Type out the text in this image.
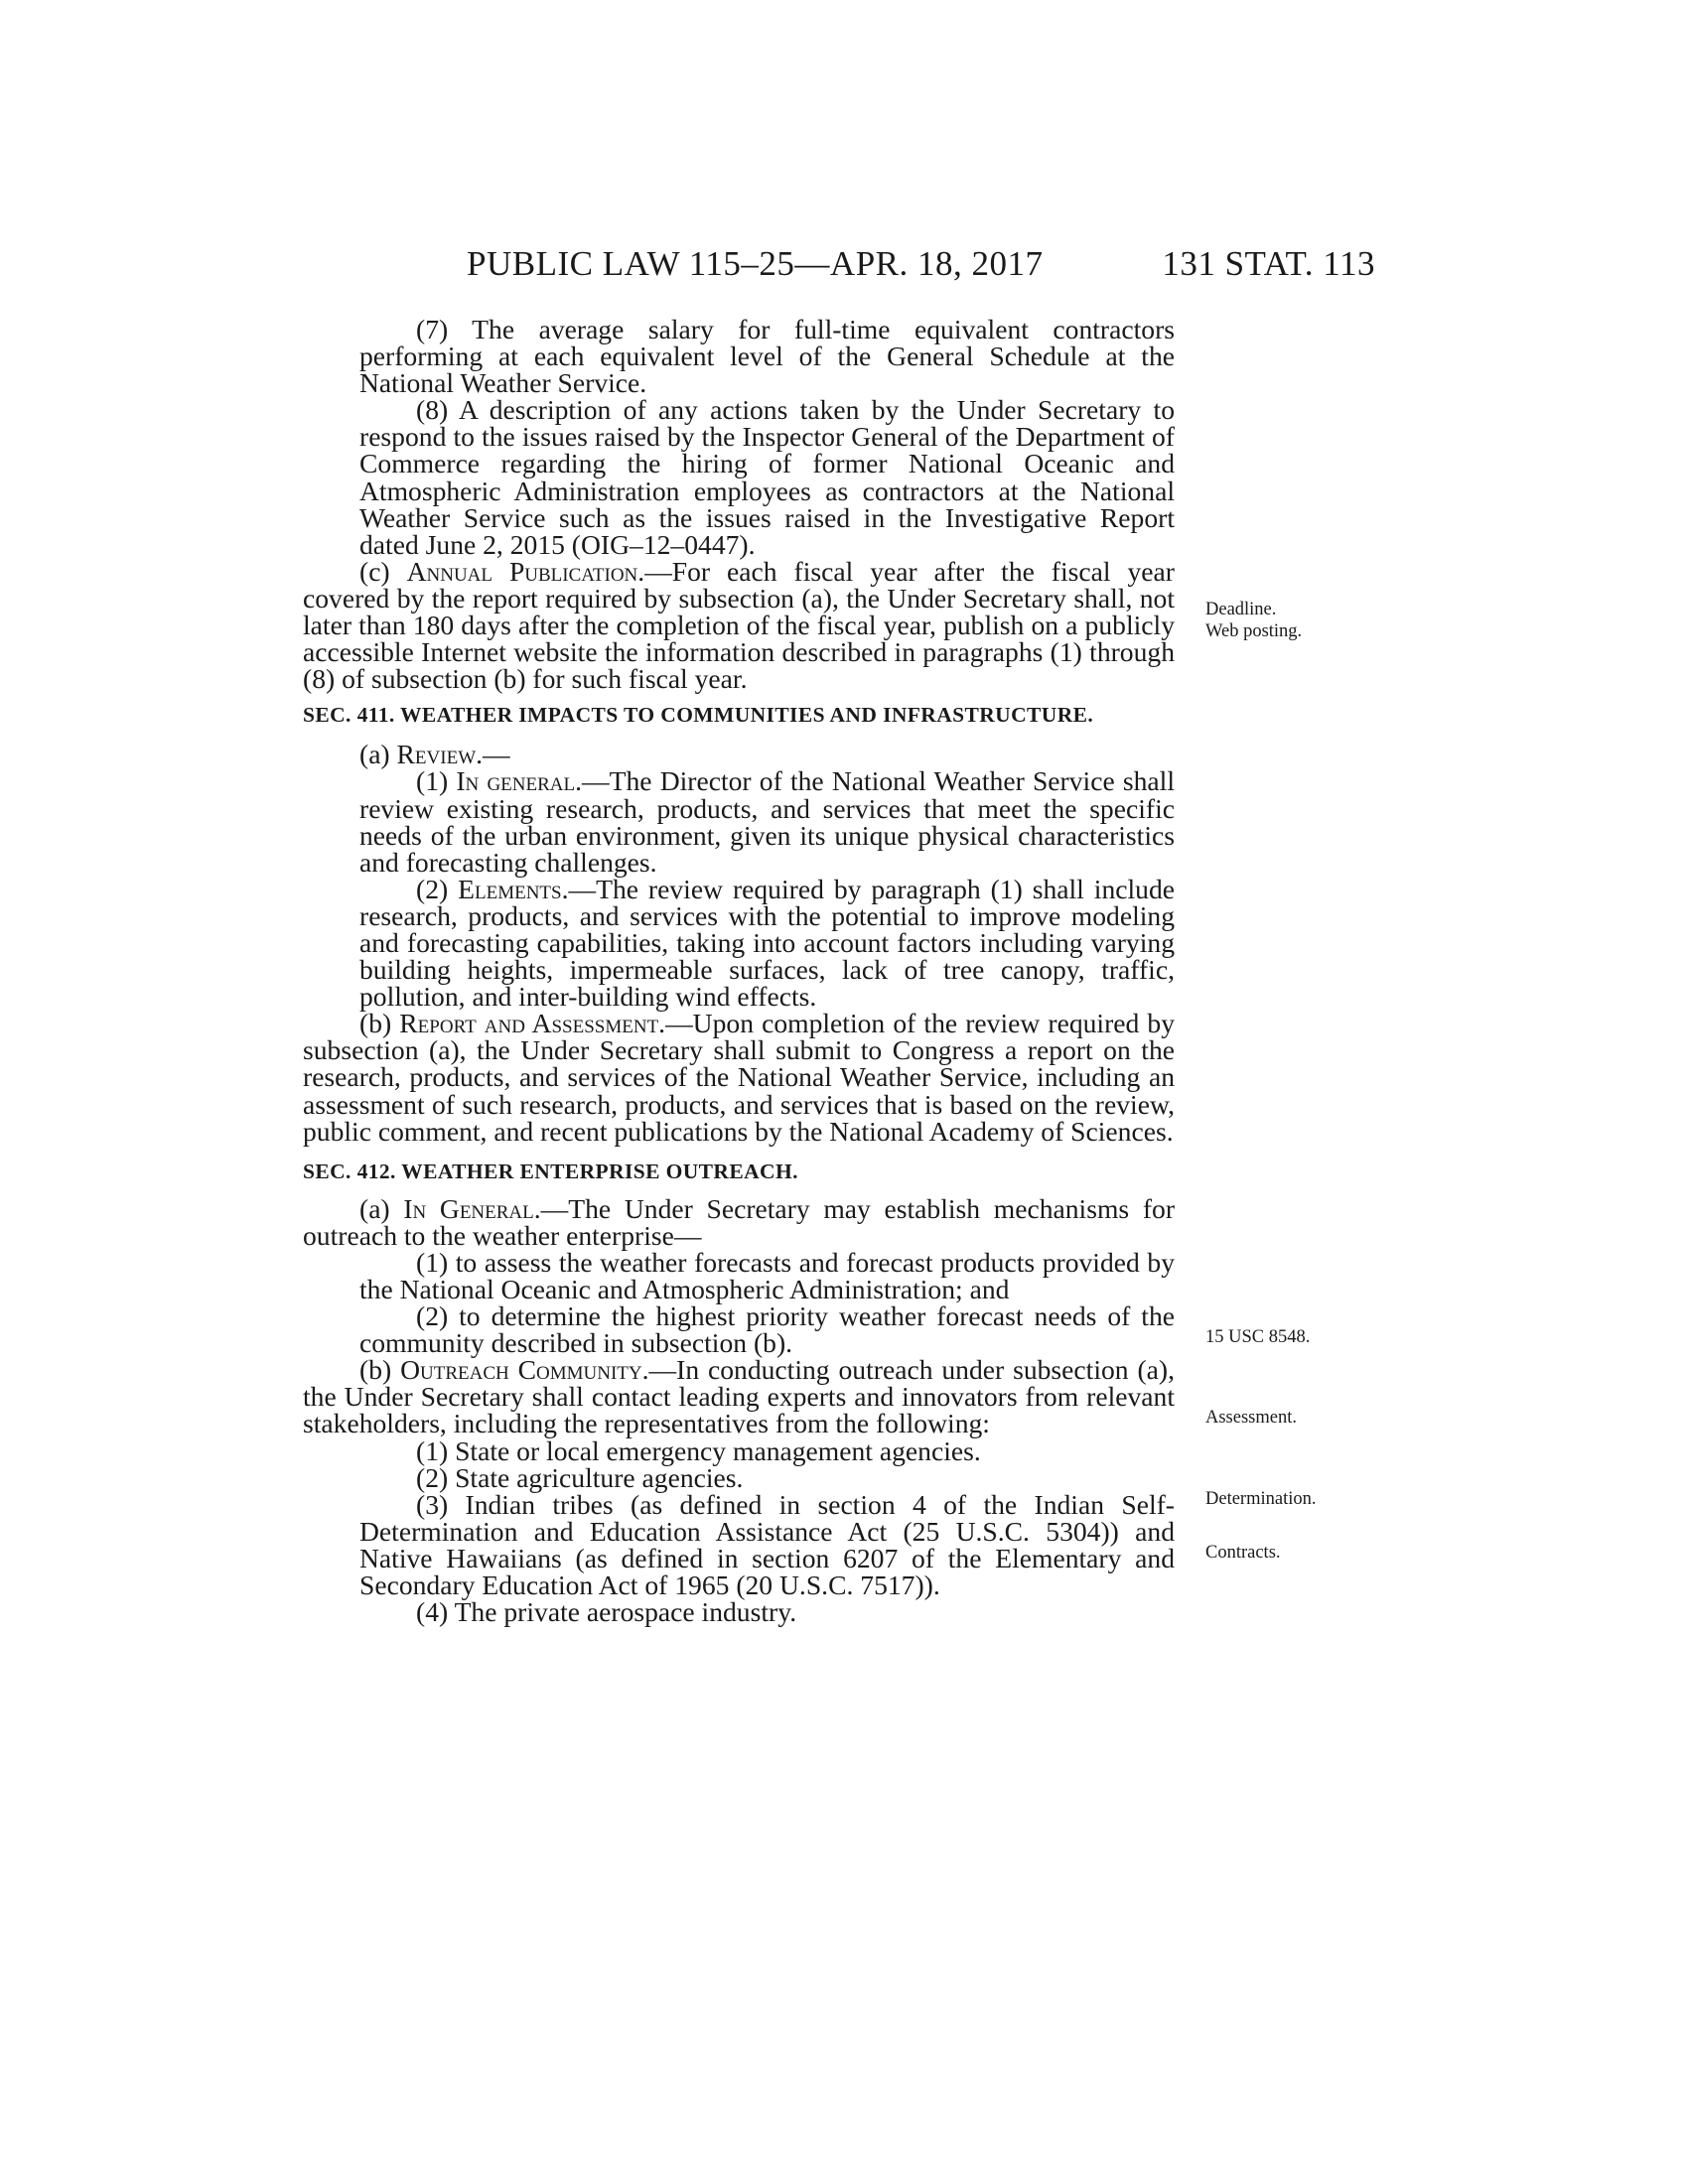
PUBLIC LAW 115–25—APR. 18, 2017	131 STAT. 113

(7) The average salary for full-time equivalent contractors performing at each equivalent level of the General Schedule at the National Weather Service.

(8) A description of any actions taken by the Under Secretary to respond to the issues raised by the Inspector General of the Department of Commerce regarding the hiring of former National Oceanic and Atmospheric Administration employees as contractors at the National Weather Service such as the issues raised in the Investigative Report dated June 2, 2015 (OIG–12–0447).

(c) Annual Publication.—For each fiscal year after the fiscal year covered by the report required by subsection (a), the Under Secretary shall, not later than 180 days after the completion of the fiscal year, publish on a publicly accessible Internet website the information described in paragraphs (1) through (8) of subsection (b) for such fiscal year.

SEC. 411. WEATHER IMPACTS TO COMMUNITIES AND INFRASTRUCTURE.

(a) Review.—

(1) In general.—The Director of the National Weather Service shall review existing research, products, and services that meet the specific needs of the urban environment, given its unique physical characteristics and forecasting challenges.

(2) Elements.—The review required by paragraph (1) shall include research, products, and services with the potential to improve modeling and forecasting capabilities, taking into account factors including varying building heights, impermeable surfaces, lack of tree canopy, traffic, pollution, and inter-building wind effects.

(b) Report and Assessment.—Upon completion of the review required by subsection (a), the Under Secretary shall submit to Congress a report on the research, products, and services of the National Weather Service, including an assessment of such research, products, and services that is based on the review, public comment, and recent publications by the National Academy of Sciences.

SEC. 412. WEATHER ENTERPRISE OUTREACH.

(a) In General.—The Under Secretary may establish mechanisms for outreach to the weather enterprise—

(1) to assess the weather forecasts and forecast products provided by the National Oceanic and Atmospheric Administration; and

(2) to determine the highest priority weather forecast needs of the community described in subsection (b).

(b) Outreach Community.—In conducting outreach under subsection (a), the Under Secretary shall contact leading experts and innovators from relevant stakeholders, including the representatives from the following:

(1) State or local emergency management agencies.

(2) State agriculture agencies.

(3) Indian tribes (as defined in section 4 of the Indian Self-Determination and Education Assistance Act (25 U.S.C. 5304)) and Native Hawaiians (as defined in section 6207 of the Elementary and Secondary Education Act of 1965 (20 U.S.C. 7517)).

(4) The private aerospace industry.

Deadline.
Web posting.
15 USC 8548.
Assessment.
Determination.
Contracts.
